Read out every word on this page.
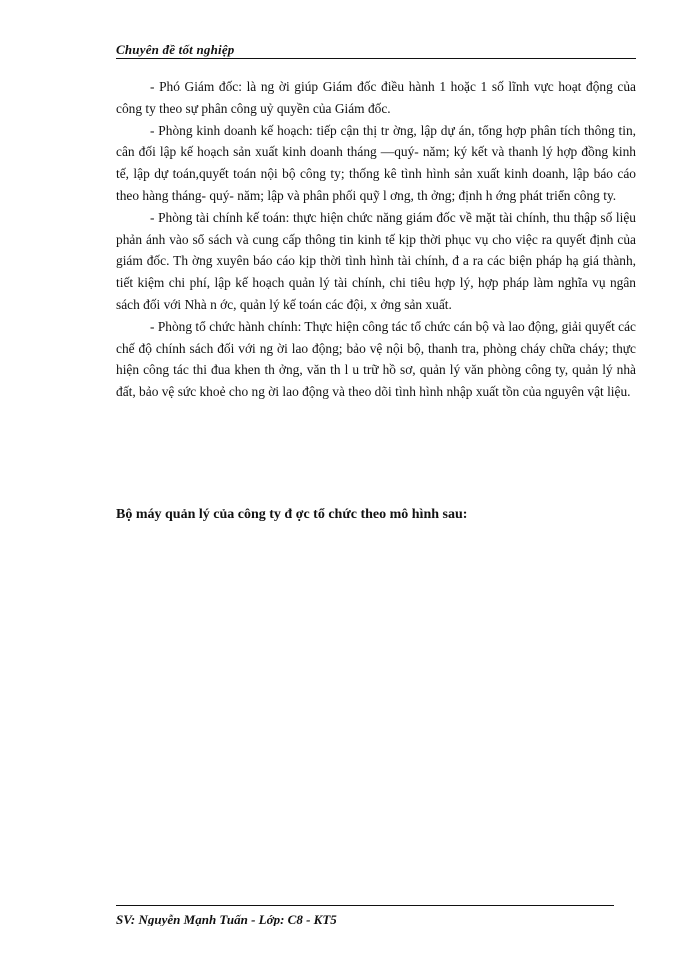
Chuyên đề tốt nghiệp

- Phó Giám đốc: là ng ời giúp Giám đốc điều hành 1 hoặc 1 số lĩnh vực hoạt động của công ty theo sự phân công uỷ quyền của Giám đốc.

- Phòng kinh doanh kế hoạch: tiếp cận thị tr ờng, lập dự án, tổng hợp phân tích thông tin, cân đối lập kế hoạch sản xuất kinh doanh tháng —quý- năm; ký kết và thanh lý hợp đồng kinh tế, lập dự toán,quyết toán nội bộ công ty; thống kê tình hình sản xuất kinh doanh, lập báo cáo theo hàng tháng- quý- năm; lập và phân phối quỹ l ơng, th ởng; định h ớng phát triển công ty.

- Phòng tài chính kế toán: thực hiện chức năng giám đốc về mặt tài chính, thu thập số liệu phản ánh vào sổ sách và cung cấp thông tin kinh tế kịp thời phục vụ cho việc ra quyết định của giám đốc. Th ờng xuyên báo cáo kịp thời tình hình tài chính, đ a ra các biện pháp hạ giá thành, tiết kiệm chi phí, lập kế hoạch quản lý tài chính, chi tiêu hợp lý, hợp pháp làm nghĩa vụ ngân sách đối với Nhà n ớc, quản lý kế toán các đội, x ởng sản xuất.

- Phòng tổ chức hành chính: Thực hiện công tác tổ chức cán bộ và lao động, giải quyết các chế độ chính sách đối với ng ời lao động; bảo vệ nội bộ, thanh tra, phòng cháy chữa cháy; thực hiện công tác thi đua khen th ởng, văn th l u trữ hồ sơ, quản lý văn phòng công ty, quản lý nhà đất, bảo vệ sức khoẻ cho ng ời lao động và theo dõi tình hình nhập xuất tồn của nguyên vật liệu.

Bộ máy quản lý của công ty đ ợc tổ chức theo mô hình sau:
SV: Nguyễn Mạnh Tuấn - Lớp: C8 - KT5
